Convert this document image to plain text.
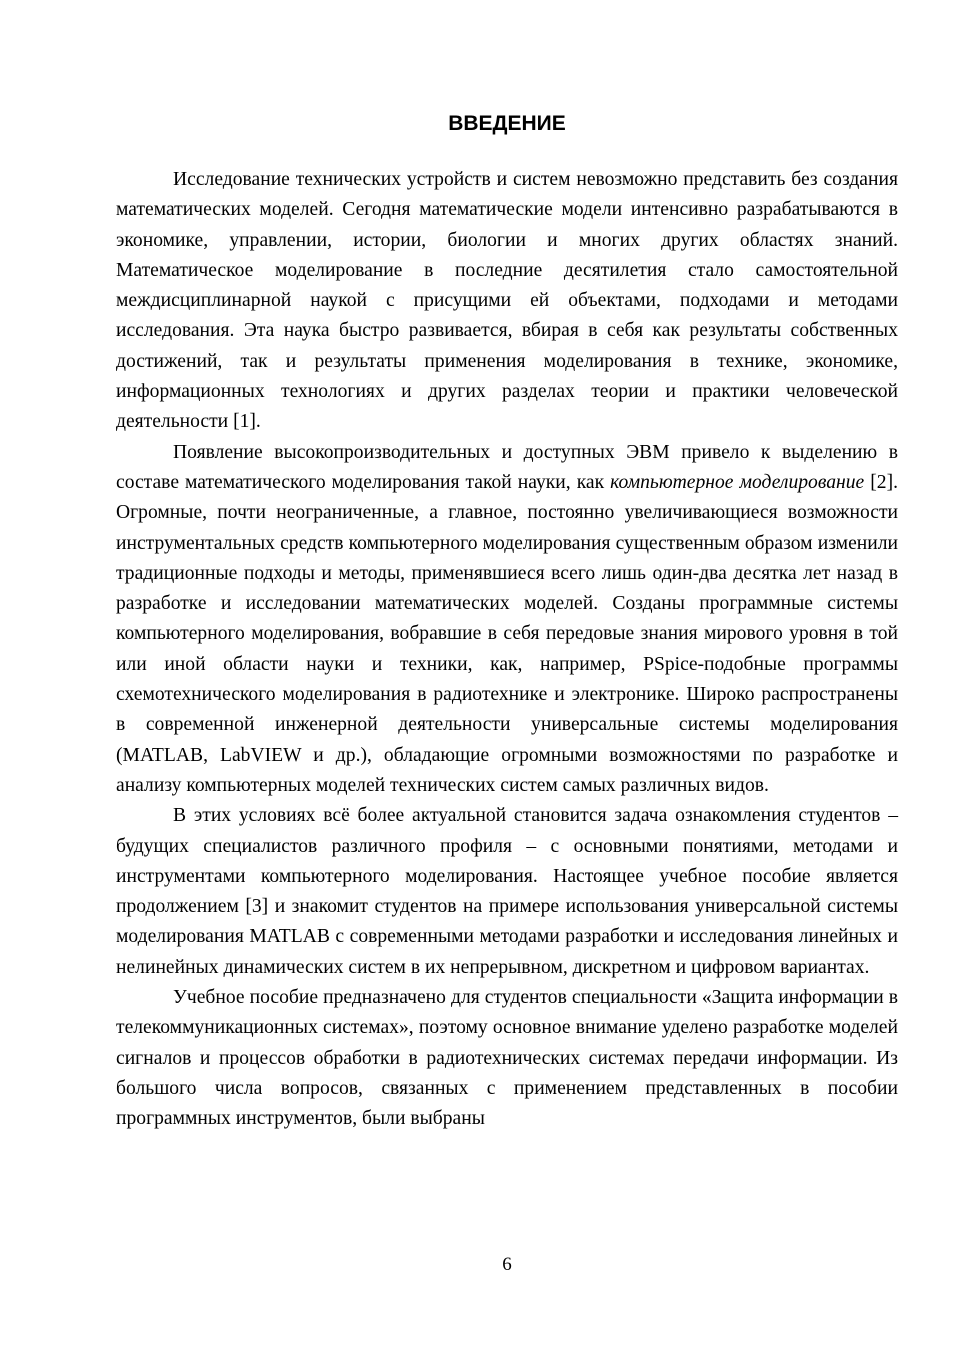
ВВЕДЕНИЕ

Исследование технических устройств и систем невозможно представить без создания математических моделей. Сегодня математические модели интенсивно разрабатываются в экономике, управлении, истории, биологии и многих других областях знаний. Математическое моделирование в последние десятилетия стало самостоятельной междисциплинарной наукой с присущими ей объектами, подходами и методами исследования. Эта наука быстро развивается, вбирая в себя как результаты собственных достижений, так и результаты применения моделирования в технике, экономике, информационных технологиях и других разделах теории и практики человеческой деятельности [1].

Появление высокопроизводительных и доступных ЭВМ привело к выделению в составе математического моделирования такой науки, как компьютерное моделирование [2]. Огромные, почти неограниченные, а главное, постоянно увеличивающиеся возможности инструментальных средств компьютерного моделирования существенным образом изменили традиционные подходы и методы, применявшиеся всего лишь один-два десятка лет назад в разработке и исследовании математических моделей. Созданы программные системы компьютерного моделирования, вобравшие в себя передовые знания мирового уровня в той или иной области науки и техники, как, например, PSpice-подобные программы схемотехнического моделирования в радиотехнике и электронике. Широко распространены в современной инженерной деятельности универсальные системы моделирования (MATLAB, LabVIEW и др.), обладающие огромными возможностями по разработке и анализу компьютерных моделей технических систем самых различных видов.

В этих условиях всё более актуальной становится задача ознакомления студентов – будущих специалистов различного профиля – с основными понятиями, методами и инструментами компьютерного моделирования. Настоящее учебное пособие является продолжением [3] и знакомит студентов на примере использования универсальной системы моделирования MATLAB с современными методами разработки и исследования линейных и нелинейных динамических систем в их непрерывном, дискретном и цифровом вариантах.

Учебное пособие предназначено для студентов специальности «Защита информации в телекоммуникационных системах», поэтому основное внимание уделено разработке моделей сигналов и процессов обработки в радиотехнических системах передачи информации. Из большого числа вопросов, связанных с применением представленных в пособии программных инструментов, были выбраны

6
